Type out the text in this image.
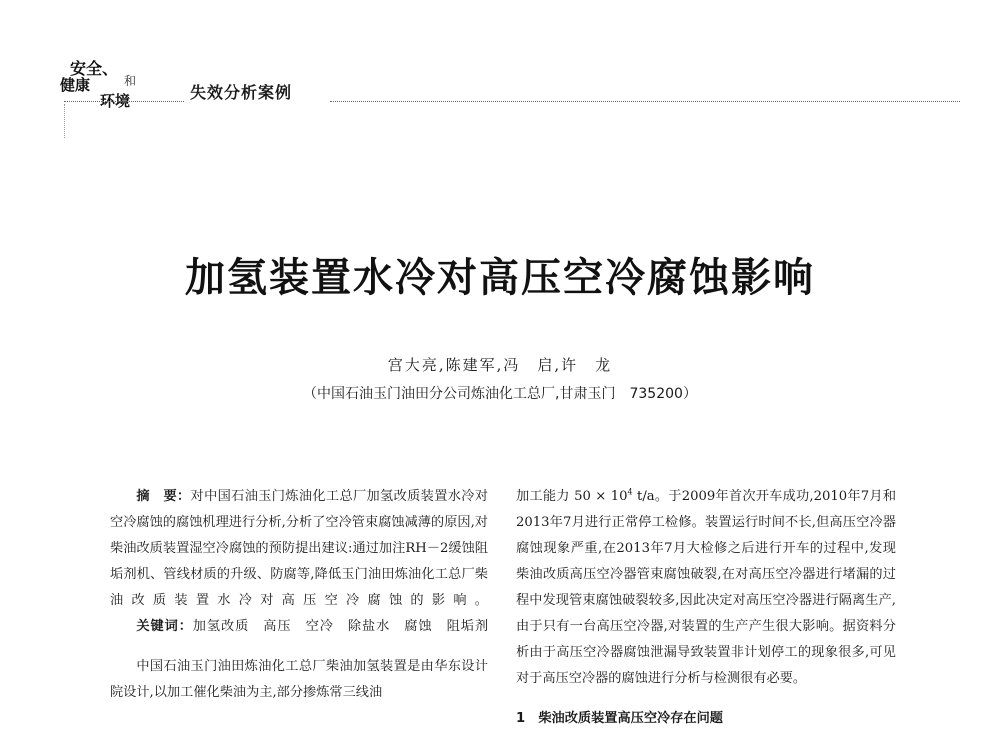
安全、
健康	和
环境	失效分析案例
加氢装置水冷对高压空冷腐蚀影响
宫大亮,陈建军,冯　启,许　龙
（中国石油玉门油田分公司炼油化工总厂,甘肃玉门　735200）
摘　要：对中国石油玉门炼油化工总厂加氢改质装置水冷对空冷腐蚀的腐蚀机理进行分析,分析了空冷管束腐蚀减薄的原因,对柴油改质装置湿空冷腐蚀的预防提出建议:通过加注RH－2缓蚀阻垢剂机、管线材质的升级、防腐等,降低玉门油田炼油化工总厂柴油改质装置水冷对高压空冷腐蚀的影响。
关键词：加氢改质　高压　空冷　除盐水　腐蚀　阻垢剂
中国石油玉门油田炼油化工总厂柴油加氢装置是由华东设计院设计,以加工催化柴油为主,部分掺炼常三线油
加工能力 $50 \times 10^4$ t/a。于2009年首次开车成功,2010年7月和2013年7月进行正常停工检修。装置运行时间不长,但高压空冷器腐蚀现象严重,在2013年7月大检修之后进行开车的过程中,发现柴油改质高压空冷器管束腐蚀破裂,在对高压空冷器进行堵漏的过程中发现管束腐蚀破裂较多,因此决定对高压空冷器进行隔离生产,由于只有一台高压空冷器,对装置的生产产生很大影响。据资料分析由于高压空冷器腐蚀泄漏导致装置非计划停工的现象很多,可见对于高压空冷器的腐蚀进行分析与检测很有必要。
1　柴油改质装置高压空冷存在问题
